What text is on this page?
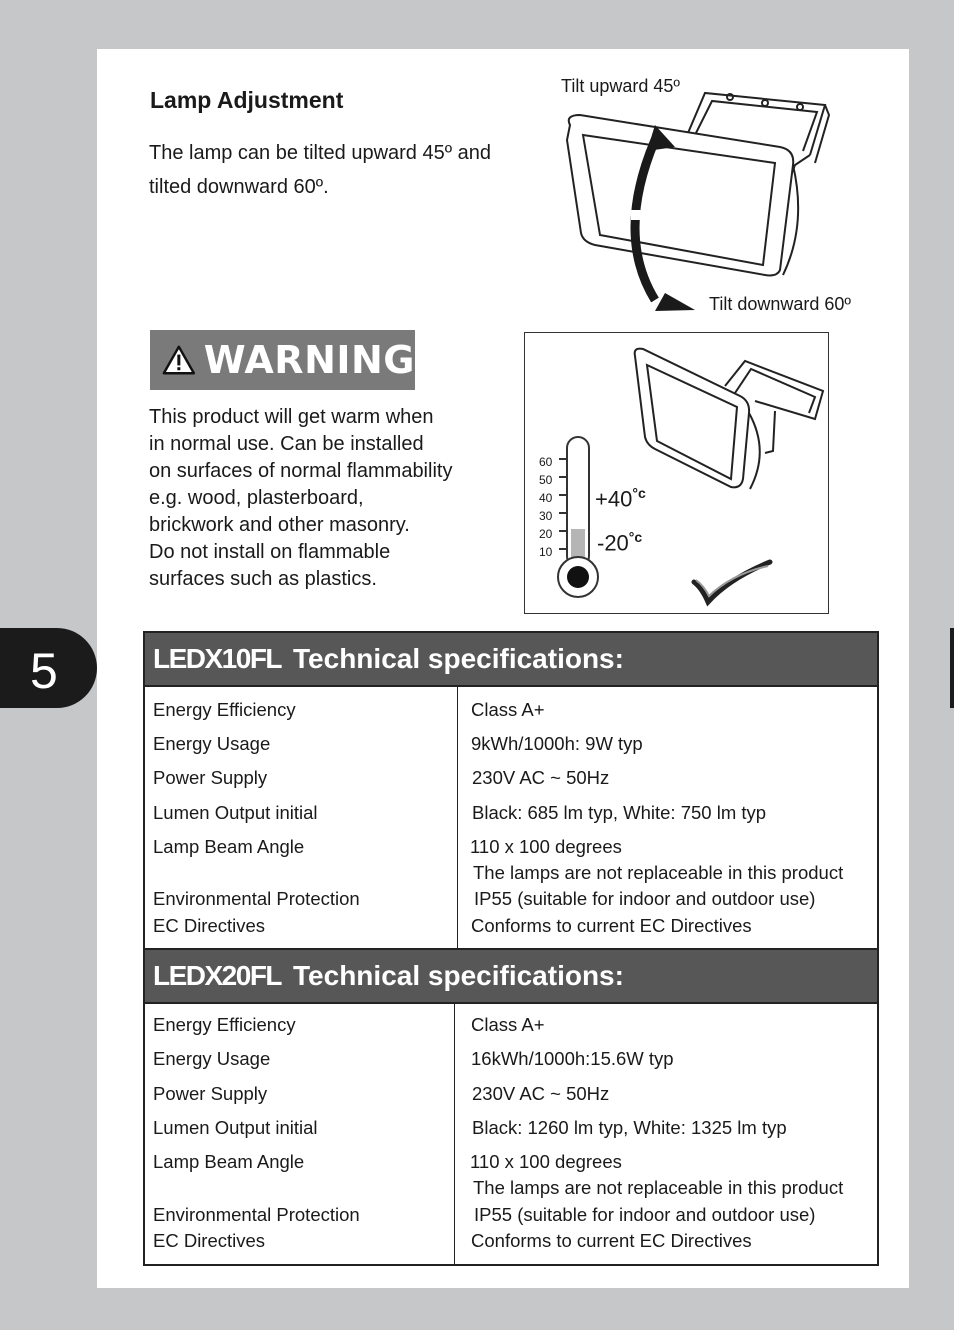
Lamp Adjustment
The lamp can be tilted upward 45º and
tilted downward 60º.
Tilt upward 45º
Tilt downward 60º
WARNING
This product will get warm when
in normal use. Can be installed
on surfaces of normal flammability
e.g. wood, plasterboard,
brickwork and other masonry.
Do not install on flammable
surfaces such as plastics.
60
50
40
30
20
10
$+40^{^\circ c}$
$-20^{^\circ c}$
5	LEDX10FL Technical specifications:
Energy Efficiency
Energy Usage
Power Supply
Lumen Output initial
Lamp Beam Angle
Environmental Protection
EC Directives
Class A+
9kWh/1000h: 9W typ
230V AC ~ 50Hz
Black: 685 lm typ, White: 750 lm typ
110 x 100 degrees
The lamps are not replaceable in this product
IP55 (suitable for indoor and outdoor use)
Conforms to current EC Directives
LEDX20FL Technical specifications:
Energy Efficiency
Energy Usage
Power Supply
Lumen Output initial
Lamp Beam Angle
Environmental Protection
EC Directives
Class A+
16kWh/1000h:15.6W typ
230V AC ~ 50Hz
Black: 1260 lm typ, White: 1325 lm typ
110 x 100 degrees
The lamps are not replaceable in this product
IP55 (suitable for indoor and outdoor use)
Conforms to current EC Directives
